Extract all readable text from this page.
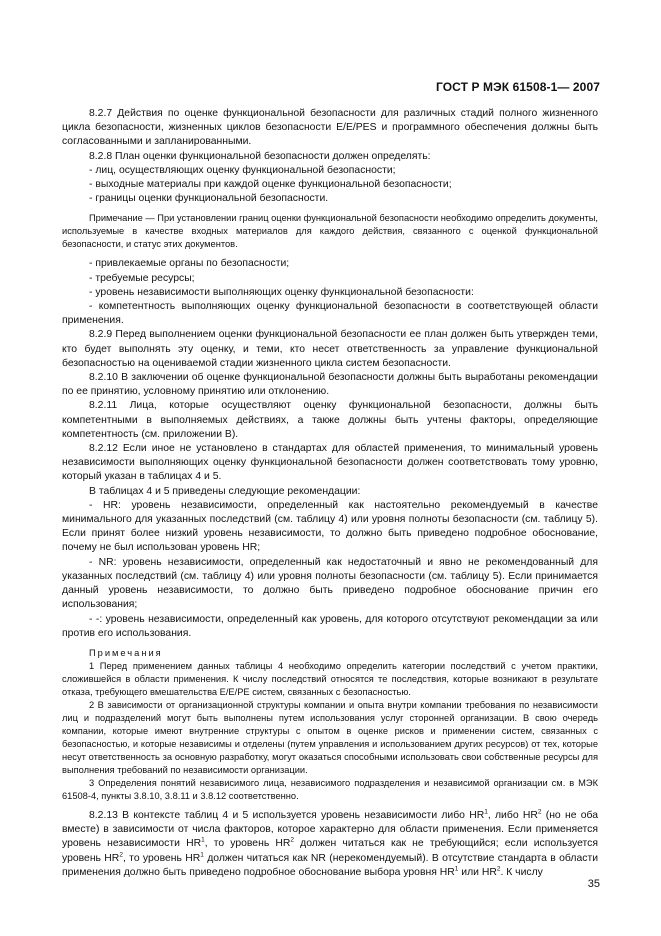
ГОСТ Р МЭК 61508-1— 2007

8.2.7 Действия по оценке функциональной безопасности для различных стадий полного жизненного цикла безопасности, жизненных циклов безопасности E/E/PES и программного обеспечения должны быть согласованными и запланированными.

8.2.8 План оценки функциональной безопасности должен определять:

- лиц, осуществляющих оценку функциональной безопасности;

- выходные материалы при каждой оценке функциональной безопасности;

- границы оценки функциональной безопасности.

Примечание — При установлении границ оценки функциональной безопасности необходимо определить документы, используемые в качестве входных материалов для каждого действия, связанного с оценкой функциональной безопасности, и статус этих документов.

- привлекаемые органы по безопасности;

- требуемые ресурсы;

- уровень независимости выполняющих оценку функциональной безопасности:

- компетентность выполняющих оценку функциональной безопасности в соответствующей области применения.

8.2.9 Перед выполнением оценки функциональной безопасности ее план должен быть утвержден теми, кто будет выполнять эту оценку, и теми, кто несет ответственность за управление функциональной безопасностью на оцениваемой стадии жизненного цикла систем безопасности.

8.2.10 В заключении об оценке функциональной безопасности должны быть выработаны рекомендации по ее принятию, условному принятию или отклонению.

8.2.11 Лица, которые осуществляют оценку функциональной безопасности, должны быть компетентными в выполняемых действиях, а также должны быть учтены факторы, определяющие компетентность (см. приложении В).

8.2.12 Если иное не установлено в стандартах для областей применения, то минимальный уровень независимости выполняющих оценку функциональной безопасности должен соответствовать тому уровню, который указан в таблицах 4 и 5.

В таблицах 4 и 5 приведены следующие рекомендации:

- HR: уровень независимости, определенный как настоятельно рекомендуемый в качестве минимального для указанных последствий (см. таблицу 4) или уровня полноты безопасности (см. таблицу 5). Если принят более низкий уровень независимости, то должно быть приведено подробное обоснование, почему не был использован уровень HR;

- NR: уровень независимости, определенный как недостаточный и явно не рекомендованный для указанных последствий (см. таблицу 4) или уровня полноты безопасности (см. таблицу 5). Если принимается данный уровень независимости, то должно быть приведено подробное обоснование причин его использования;

- -: уровень независимости, определенный как уровень, для которого отсутствуют рекомендации за или против его использования.

Примечания

1 Перед применением данных таблицы 4 необходимо определить категории последствий с учетом практики, сложившейся в области применения. К числу последствий относятся те последствия, которые возникают в результате отказа, требующего вмешательства E/E/PE систем, связанных с безопасностью.

2 В зависимости от организационной структуры компании и опыта внутри компании требования по независимости лиц и подразделений могут быть выполнены путем использования услуг сторонней организации. В свою очередь компании, которые имеют внутренние структуры с опытом в оценке рисков и применении систем, связанных с безопасностью, и которые независимы и отделены (путем управления и использованием других ресурсов) от тех, которые несут ответственность за основную разработку, могут оказаться способными использовать свои собственные ресурсы для выполнения требований по независимости организации.

3 Определения понятий независимого лица, независимого подразделения и независимой организации см. в МЭК 61508-4, пункты 3.8.10, 3.8.11 и 3.8.12 соответственно.

8.2.13 В контексте таблиц 4 и 5 используется уровень независимости либо $HR^1$, либо $HR^2$ (но не оба вместе) в зависимости от числа факторов, которое характерно для области применения. Если применяется уровень независимости $HR^1$, то уровень $HR^2$ должен читаться как не требующийся; если используется уровень $HR^2$, то уровень $HR^1$ должен читаться как NR (нерекомендуемый). В отсутствие стандарта в области применения должно быть приведено подробное обоснование выбора уровня $HR^1$ или $HR^2$. К числу

35
